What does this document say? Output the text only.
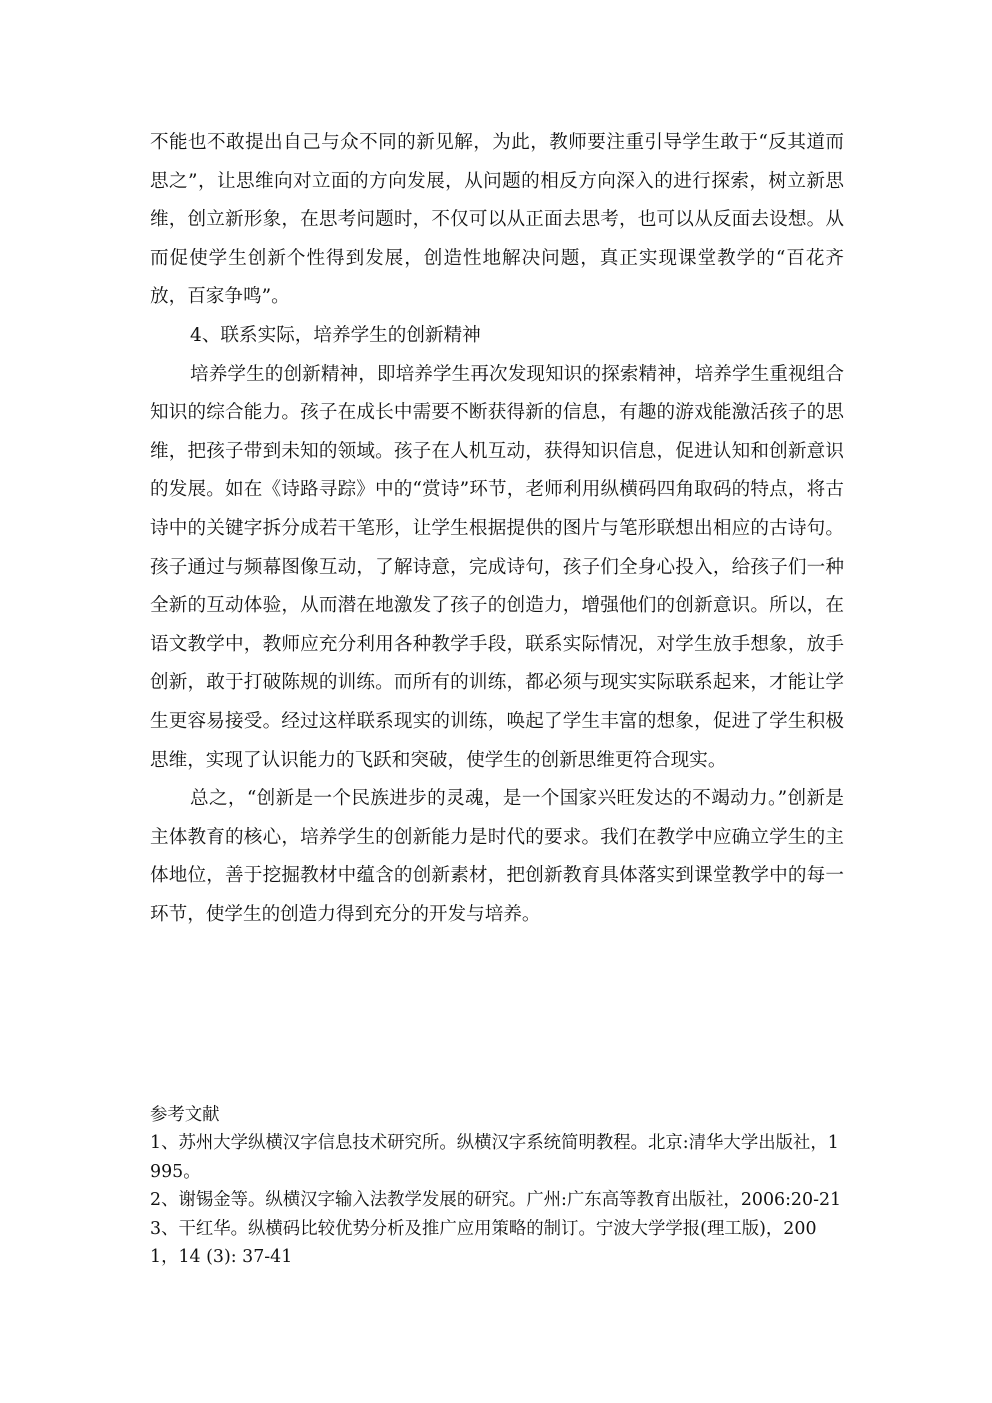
不能也不敢提出自己与众不同的新见解，为此，教师要注重引导学生敢于“反其道而思之”，让思维向对立面的方向发展，从问题的相反方向深入的进行探索，树立新思维，创立新形象，在思考问题时，不仅可以从正面去思考，也可以从反面去设想。从而促使学生创新个性得到发展，创造性地解决问题，真正实现课堂教学的“百花齐放，百家争鸣”。

4、联系实际，培养学生的创新精神

培养学生的创新精神，即培养学生再次发现知识的探索精神，培养学生重视组合知识的综合能力。孩子在成长中需要不断获得新的信息，有趣的游戏能激活孩子的思维，把孩子带到未知的领域。孩子在人机互动，获得知识信息，促进认知和创新意识的发展。如在《诗路寻踪》中的“赏诗”环节，老师利用纵横码四角取码的特点，将古诗中的关键字拆分成若干笔形，让学生根据提供的图片与笔形联想出相应的古诗句。孩子通过与频幕图像互动，了解诗意，完成诗句，孩子们全身心投入，给孩子们一种全新的互动体验，从而潜在地激发了孩子的创造力，增强他们的创新意识。所以，在语文教学中，教师应充分利用各种教学手段，联系实际情况，对学生放手想象，放手创新，敢于打破陈规的训练。而所有的训练，都必须与现实实际联系起来，才能让学生更容易接受。经过这样联系现实的训练，唤起了学生丰富的想象，促进了学生积极思维，实现了认识能力的飞跃和突破，使学生的创新思维更符合现实。

总之，“创新是一个民族进步的灵魂，是一个国家兴旺发达的不竭动力。”创新是主体教育的核心，培养学生的创新能力是时代的要求。我们在教学中应确立学生的主体地位，善于挖掘教材中蕴含的创新素材，把创新教育具体落实到课堂教学中的每一环节，使学生的创造力得到充分的开发与培养。

参考文献

1、苏州大学纵横汉字信息技术研究所。纵横汉字系统简明教程。北京:清华大学出版社，1995。

2、谢锡金等。纵横汉字输入法教学发展的研究。广州:广东高等教育出版社，2006:20-21

3、干红华。纵横码比较优势分析及推广应用策略的制订。宁波大学学报(理工版)，2001，14 (3): 37-41
